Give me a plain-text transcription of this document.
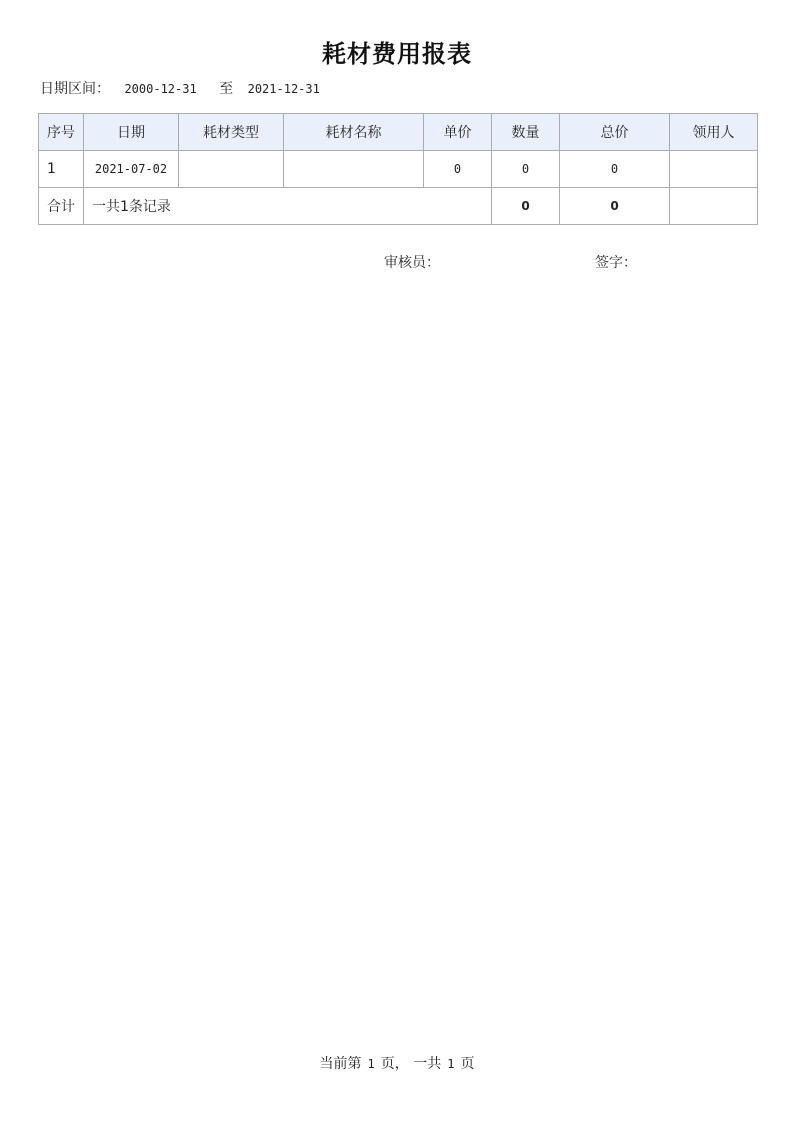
耗材费用报表
日期区间： 2000-12-31 至 2021-12-31
序号	日期	耗材类型	耗材名称	单价	数量	总价	领用人
1	2021-07-02			0	0	0	
合计	一共1条记录				0	0	
审核员：	签字：
当前第 1 页， 一共 1 页
